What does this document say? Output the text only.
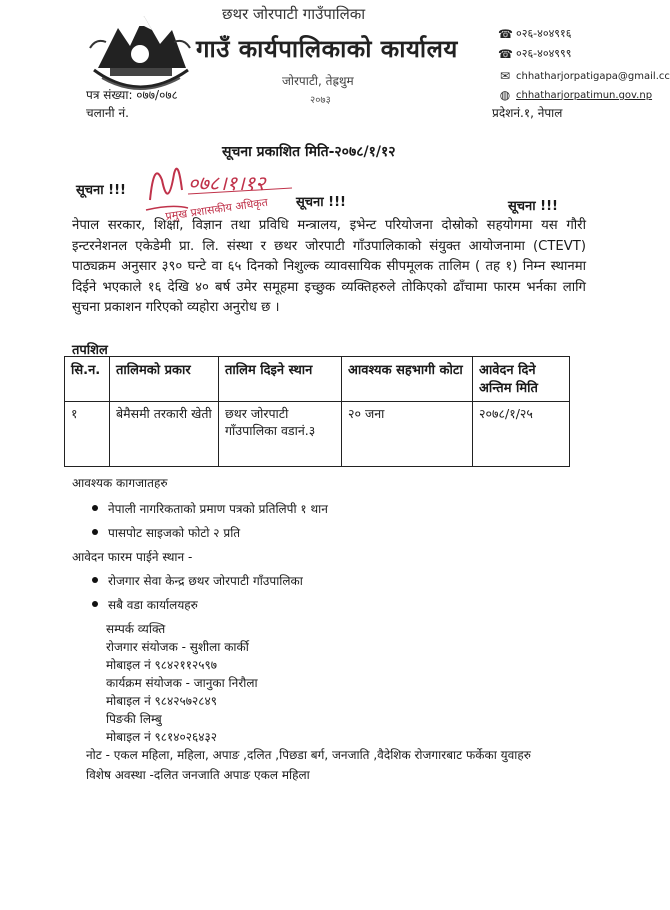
छथर जोरपाटी गाउँपालिका
गाउँ कार्यपालिकाको कार्यालय
जोरपाटी, तेह्रथुम
२०७३
☎ ०२६-४०४९१६
☎ ०२६-४०४९९९
✉ chhatharjorpatigapa@gmail.cc
◍ chhatharjorpatimun.gov.np
पत्र संख्या: ०७७/०७८
चलानी नं.	प्रदेशनं.१, नेपाल
सूचना प्रकाशित मिति-२०७८/१/१२
सूचना !!!
सूचना !!!	सूचना !!!
०७८।१।१२
प्रमुख प्रशासकीय अधिकृत
नेपाल सरकार, शिक्षा, विज्ञान तथा प्रविधि मन्त्रालय, इभेन्ट परियोजना दोस्रोको सहयोगमा यस गौरी इन्टरनेशनल एकेडेमी प्रा. लि. संस्था र छथर जोरपाटी गाँउपालिकाको संयुक्त आयोजनामा (CTEVT) पाठ्यक्रम अनुसार ३९० घन्टे वा ६५ दिनको निशुल्क व्यावसायिक सीपमूलक तालिम ( तह १) निम्न स्थानमा दिईने भएकाले १६ देखि ४० बर्ष उमेर समूहमा इच्छुक व्यक्तिहरुले तोकिएको ढाँचामा फारम भर्नका लागि सुचना प्रकाशन गरिएको व्यहोरा अनुरोध छ ।
तपशिल
सि.न.	तालिमको प्रकार	तालिम दिइने स्थान	आवश्यक सहभागी कोटा	आवेदन दिने अन्तिम मिति
१	बेमैसमी तरकारी खेती	छथर जोरपाटी गाँउपालिका वडानं.३	२० जना	२०७८/१/२५
आवश्यक कागजातहरु
नेपाली नागरिकताको प्रमाण पत्रको प्रतिलिपी १ थान
पासपोट साइजको फोटो २ प्रति
आवेदन फारम पाईने स्थान -
रोजगार सेवा केन्द्र छथर जोरपाटी गाँउपालिका
सबै वडा कार्यालयहरु
सम्पर्क व्यक्ति
रोजगार संयोजक - सुशीला कार्की
मोबाइल नं ९८४२११२५९७
कार्यक्रम संयोजक - जानुका निरौला
मोबाइल नं ९८४२५७२८४९
पिङकी लिम्बु
मोबाइल नं ९८१४०२६४३२
नोट - एकल महिला, महिला, अपाङ ,दलित ,पिछडा बर्ग, जनजाति ,वैदेशिक रोजगारबाट फर्केका युवाहरु
विशेष अवस्था -दलित जनजाति अपाङ एकल महिला
